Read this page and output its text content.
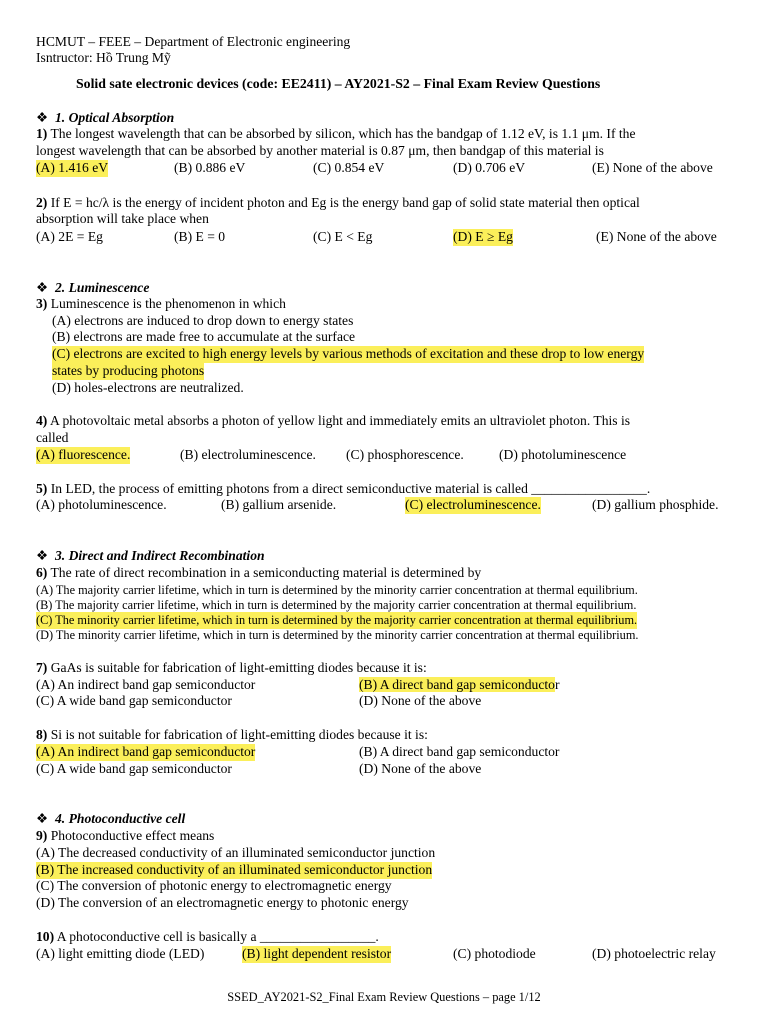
HCMUT – FEEE – Department of Electronic engineering
Isntructor: Hồ Trung Mỹ
Solid sate electronic devices (code: EE2411) – AY2021-S2 – Final Exam Review Questions
❖ 1. Optical Absorption
1) The longest wavelength that can be absorbed by silicon, which has the bandgap of 1.12 eV, is 1.1 μm. If the
longest wavelength that can be absorbed by another material is 0.87 μm, then bandgap of this material is
(A) 1.416 eV	(B) 0.886 eV	(C) 0.854 eV	(D) 0.706 eV	(E) None of the above
2) If E = hc/λ is the energy of incident photon and Eg is the energy band gap of solid state material then optical
absorption will take place when
(A) 2E = Eg	(B) E = 0	(C) E < Eg	(D) E ≥ Eg	(E) None of the above
❖ 2. Luminescence
3) Luminescence is the phenomenon in which
(A) electrons are induced to drop down to energy states
(B) electrons are made free to accumulate at the surface
(C) electrons are excited to high energy levels by various methods of excitation and these drop to low energy
states by producing photons
(D) holes-electrons are neutralized.
4) A photovoltaic metal absorbs a photon of yellow light and immediately emits an ultraviolet photon. This is
called
(A) fluorescence.	(B) electroluminescence. (C) phosphorescence.	(D) photoluminescence
5) In LED, the process of emitting photons from a direct semiconductive material is called _________________.
(A) photoluminescence.	(B) gallium arsenide.	(C) electroluminescence.	(D) gallium phosphide.
❖ 3. Direct and Indirect Recombination
6) The rate of direct recombination in a semiconducting material is determined by
(A) The majority carrier lifetime, which in turn is determined by the minority carrier concentration at thermal equilibrium.
(B) The majority carrier lifetime, which in turn is determined by the majority carrier concentration at thermal equilibrium.
(C) The minority carrier lifetime, which in turn is determined by the majority carrier concentration at thermal equilibrium.
(D) The minority carrier lifetime, which in turn is determined by the minority carrier concentration at thermal equilibrium.
7) GaAs is suitable for fabrication of light-emitting diodes because it is:
(A) An indirect band gap semiconductor	(B) A direct band gap semiconductor
(C) A wide band gap semiconductor	(D) None of the above
8) Si is not suitable for fabrication of light-emitting diodes because it is:
(A) An indirect band gap semiconductor	(B) A direct band gap semiconductor
(C) A wide band gap semiconductor	(D) None of the above
❖ 4. Photoconductive cell
9) Photoconductive effect means
(A) The decreased conductivity of an illuminated semiconductor junction
(B) The increased conductivity of an illuminated semiconductor junction
(C) The conversion of photonic energy to electromagnetic energy
(D) The conversion of an electromagnetic energy to photonic energy
10) A photoconductive cell is basically a _________________.
(A) light emitting diode (LED)	(B) light dependent resistor	(C) photodiode	(D) photoelectric relay
SSED_AY2021-S2_Final Exam Review Questions – page 1/12
